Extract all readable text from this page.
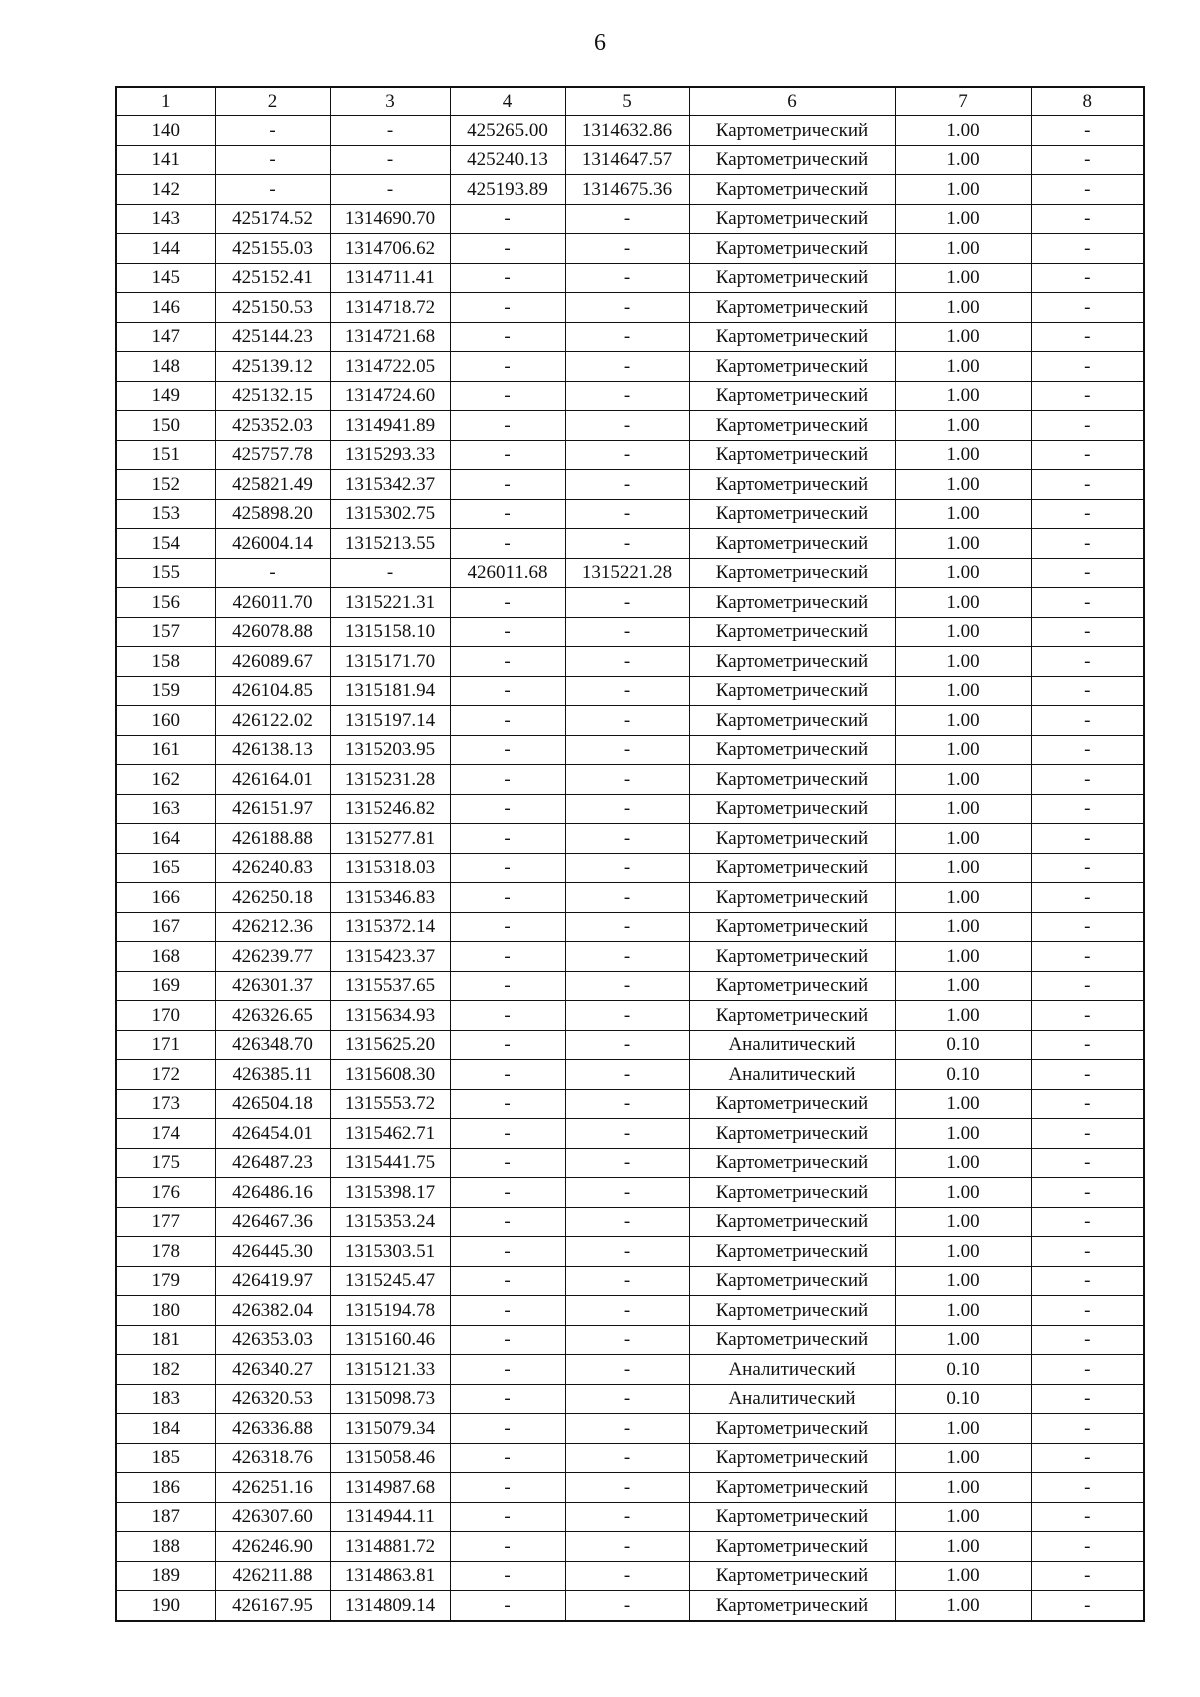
6
1	2	3	4	5	6	7	8
140	-	-	425265.00	1314632.86	Картометрический	1.00	-
141	-	-	425240.13	1314647.57	Картометрический	1.00	-
142	-	-	425193.89	1314675.36	Картометрический	1.00	-
143	425174.52	1314690.70	-	-	Картометрический	1.00	-
144	425155.03	1314706.62	-	-	Картометрический	1.00	-
145	425152.41	1314711.41	-	-	Картометрический	1.00	-
146	425150.53	1314718.72	-	-	Картометрический	1.00	-
147	425144.23	1314721.68	-	-	Картометрический	1.00	-
148	425139.12	1314722.05	-	-	Картометрический	1.00	-
149	425132.15	1314724.60	-	-	Картометрический	1.00	-
150	425352.03	1314941.89	-	-	Картометрический	1.00	-
151	425757.78	1315293.33	-	-	Картометрический	1.00	-
152	425821.49	1315342.37	-	-	Картометрический	1.00	-
153	425898.20	1315302.75	-	-	Картометрический	1.00	-
154	426004.14	1315213.55	-	-	Картометрический	1.00	-
155	-	-	426011.68	1315221.28	Картометрический	1.00	-
156	426011.70	1315221.31	-	-	Картометрический	1.00	-
157	426078.88	1315158.10	-	-	Картометрический	1.00	-
158	426089.67	1315171.70	-	-	Картометрический	1.00	-
159	426104.85	1315181.94	-	-	Картометрический	1.00	-
160	426122.02	1315197.14	-	-	Картометрический	1.00	-
161	426138.13	1315203.95	-	-	Картометрический	1.00	-
162	426164.01	1315231.28	-	-	Картометрический	1.00	-
163	426151.97	1315246.82	-	-	Картометрический	1.00	-
164	426188.88	1315277.81	-	-	Картометрический	1.00	-
165	426240.83	1315318.03	-	-	Картометрический	1.00	-
166	426250.18	1315346.83	-	-	Картометрический	1.00	-
167	426212.36	1315372.14	-	-	Картометрический	1.00	-
168	426239.77	1315423.37	-	-	Картометрический	1.00	-
169	426301.37	1315537.65	-	-	Картометрический	1.00	-
170	426326.65	1315634.93	-	-	Картометрический	1.00	-
171	426348.70	1315625.20	-	-	Аналитический	0.10	-
172	426385.11	1315608.30	-	-	Аналитический	0.10	-
173	426504.18	1315553.72	-	-	Картометрический	1.00	-
174	426454.01	1315462.71	-	-	Картометрический	1.00	-
175	426487.23	1315441.75	-	-	Картометрический	1.00	-
176	426486.16	1315398.17	-	-	Картометрический	1.00	-
177	426467.36	1315353.24	-	-	Картометрический	1.00	-
178	426445.30	1315303.51	-	-	Картометрический	1.00	-
179	426419.97	1315245.47	-	-	Картометрический	1.00	-
180	426382.04	1315194.78	-	-	Картометрический	1.00	-
181	426353.03	1315160.46	-	-	Картометрический	1.00	-
182	426340.27	1315121.33	-	-	Аналитический	0.10	-
183	426320.53	1315098.73	-	-	Аналитический	0.10	-
184	426336.88	1315079.34	-	-	Картометрический	1.00	-
185	426318.76	1315058.46	-	-	Картометрический	1.00	-
186	426251.16	1314987.68	-	-	Картометрический	1.00	-
187	426307.60	1314944.11	-	-	Картометрический	1.00	-
188	426246.90	1314881.72	-	-	Картометрический	1.00	-
189	426211.88	1314863.81	-	-	Картометрический	1.00	-
190	426167.95	1314809.14	-	-	Картометрический	1.00	-
